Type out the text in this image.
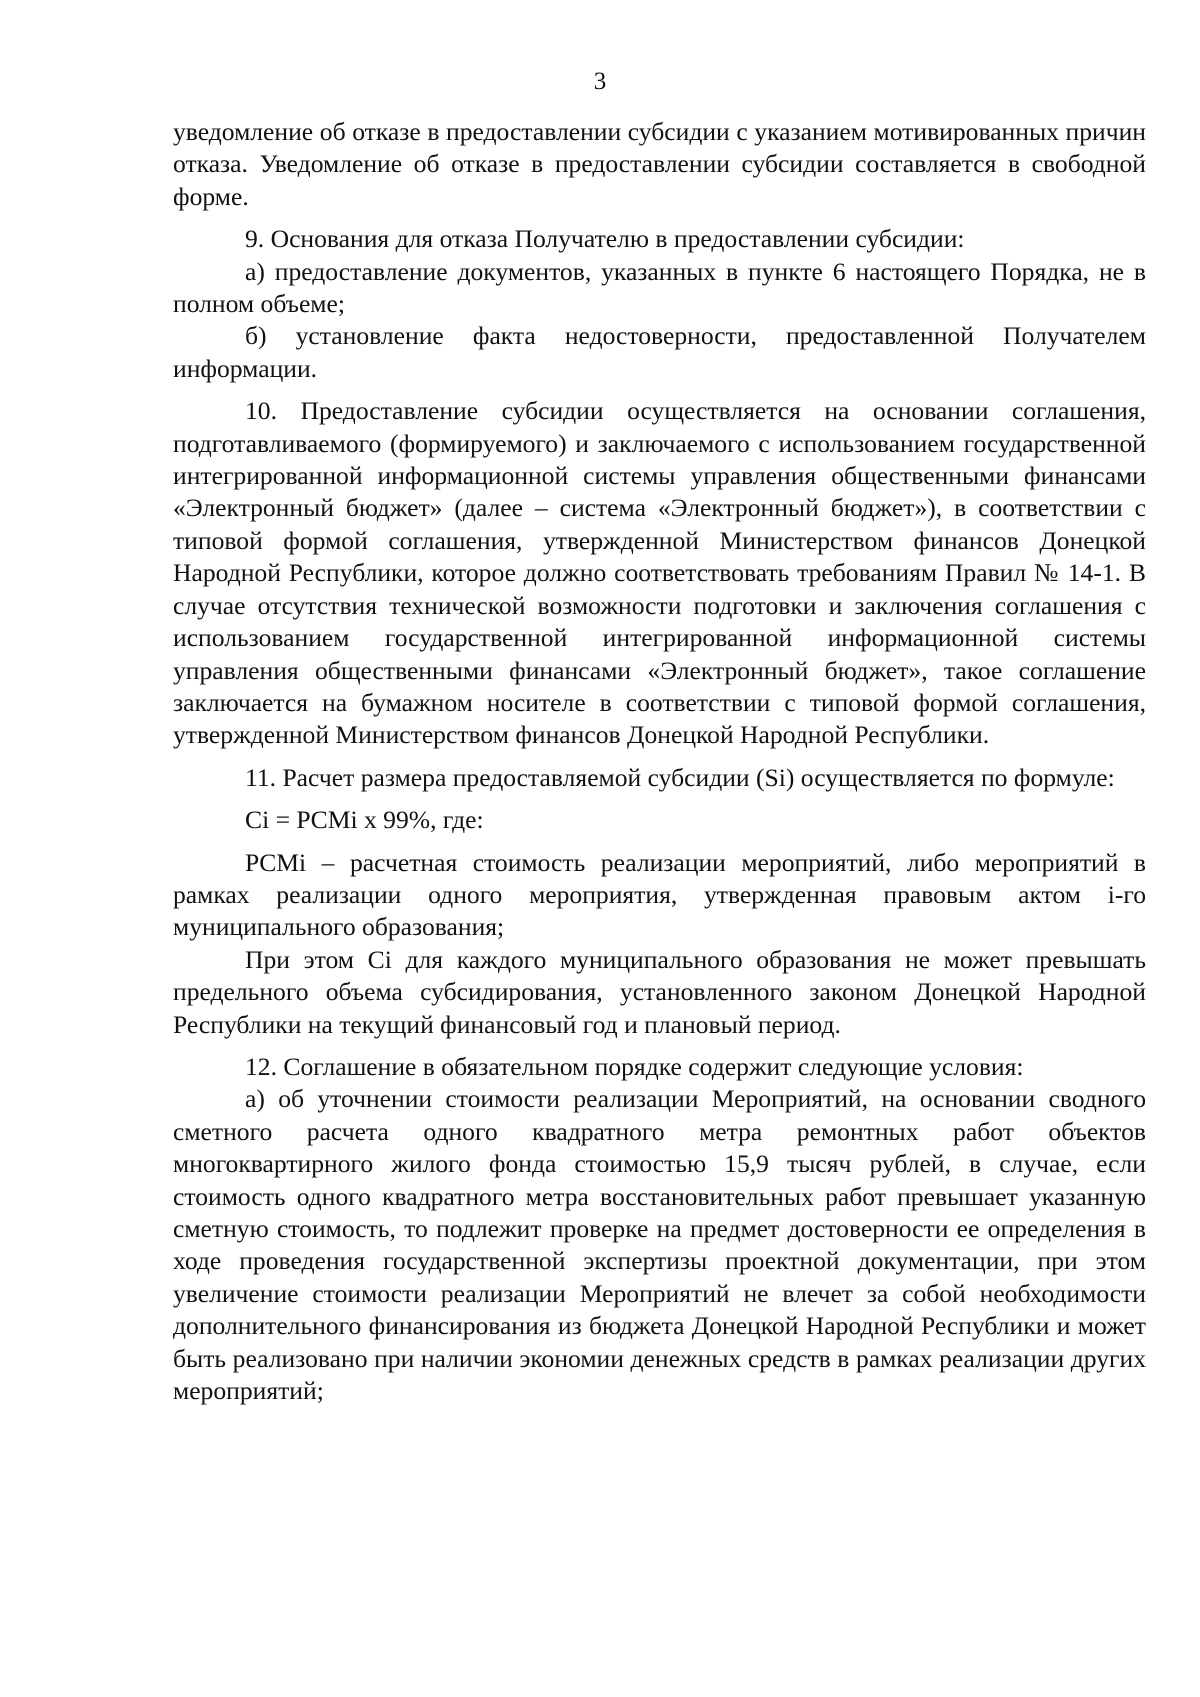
3

уведомление об отказе в предоставлении субсидии с указанием мотивированных причин отказа. Уведомление об отказе в предоставлении субсидии составляется в свободной форме.

9. Основания для отказа Получателю в предоставлении субсидии:

а) предоставление документов, указанных в пункте 6 настоящего Порядка, не в полном объеме;

б) установление факта недостоверности, предоставленной Получателем информации.

10. Предоставление субсидии осуществляется на основании соглашения, подготавливаемого (формируемого) и заключаемого с использованием государственной интегрированной информационной системы управления общественными финансами «Электронный бюджет» (далее – система «Электронный бюджет»), в соответствии с типовой формой соглашения, утвержденной Министерством финансов Донецкой Народной Республики, которое должно соответствовать требованиям Правил № 14-1. В случае отсутствия технической возможности подготовки и заключения соглашения с использованием государственной интегрированной информационной системы управления общественными финансами «Электронный бюджет», такое соглашение заключается на бумажном носителе в соответствии с типовой формой соглашения, утвержденной Министерством финансов Донецкой Народной Республики.

11. Расчет размера предоставляемой субсидии (Si) осуществляется по формуле:

Ci = PCMi x 99%, где:

PCMi – расчетная стоимость реализации мероприятий, либо мероприятий в рамках реализации одного мероприятия, утвержденная правовым актом i-го муниципального образования;

При этом Ci для каждого муниципального образования не может превышать предельного объема субсидирования, установленного законом Донецкой Народной Республики на текущий финансовый год и плановый период.

12. Соглашение в обязательном порядке содержит следующие условия:

а) об уточнении стоимости реализации Мероприятий, на основании сводного сметного расчета одного квадратного метра ремонтных работ объектов многоквартирного жилого фонда стоимостью 15,9 тысяч рублей, в случае, если стоимость одного квадратного метра восстановительных работ превышает указанную сметную стоимость, то подлежит проверке на предмет достоверности ее определения в ходе проведения государственной экспертизы проектной документации, при этом увеличение стоимости реализации Мероприятий не влечет за собой необходимости дополнительного финансирования из бюджета Донецкой Народной Республики и может быть реализовано при наличии экономии денежных средств в рамках реализации других мероприятий;
